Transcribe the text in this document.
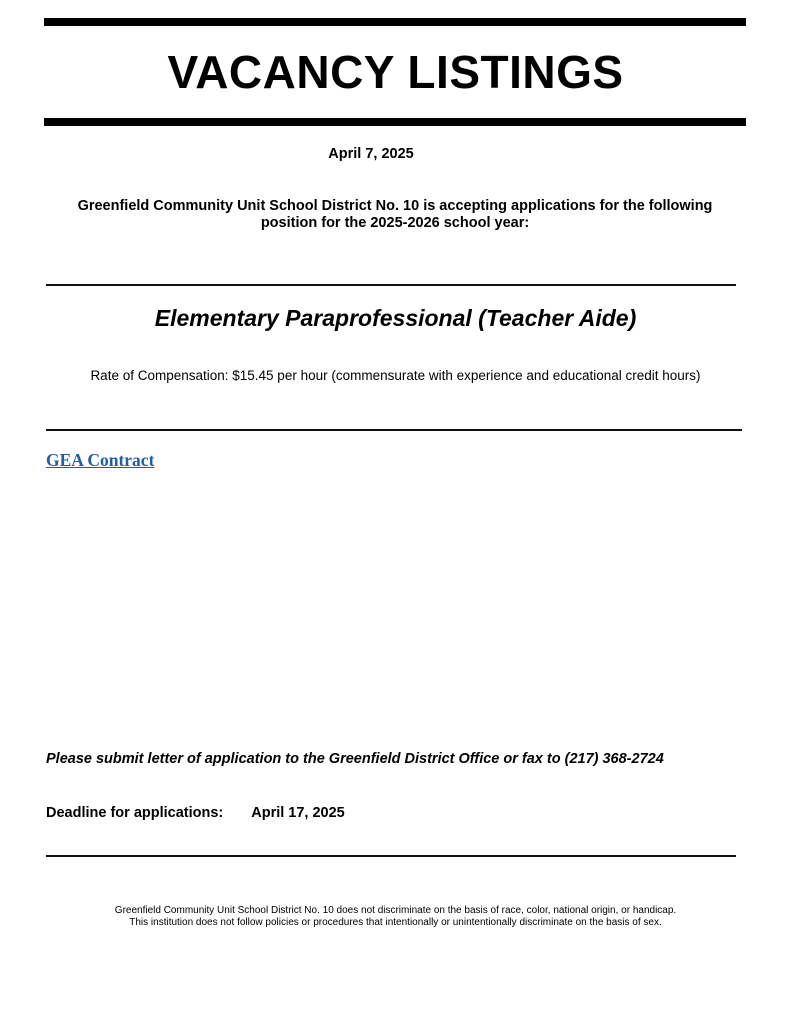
VACANCY LISTINGS
April 7, 2025
Greenfield Community Unit School District No. 10 is accepting applications for the following
position for the 2025-2026 school year:
Elementary Paraprofessional (Teacher Aide)
Rate of Compensation: $15.45 per hour (commensurate with experience and educational credit hours)
GEA Contract
Please submit letter of application to the Greenfield District Office or fax to (217) 368-2724
Deadline for applications: April 17, 2025
Greenfield Community Unit School District No. 10 does not discriminate on the basis of race, color, national origin, or handicap.
This institution does not follow policies or procedures that intentionally or unintentionally discriminate on the basis of sex.
